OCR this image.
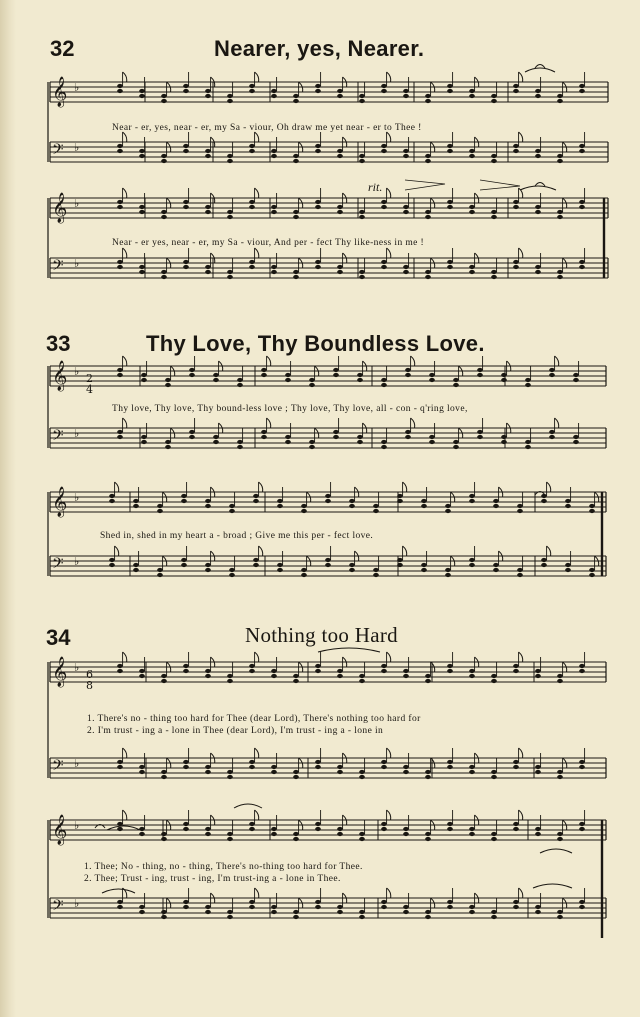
32	Nearer, yes, Nearer.
Near - er, yes, near - er, my Sa - viour, Oh draw me yet near - er to Thee !
rit.
Near - er yes, near - er, my Sa - viour, And per - fect Thy like-ness in me !
33	Thy Love, Thy Boundless Love.
Thy love, Thy love, Thy bound-less love ; Thy love, Thy love, all - con - q'ring love,
Shed in, shed in my heart a - broad ; Give me this per - fect love.
34	Nothing too Hard
1. There's no - thing too hard for Thee (dear Lord), There's nothing too hard for
2. I'm trust - ing a - lone in Thee (dear Lord), I'm trust - ing a - lone in
1. Thee; No - thing, no - thing, There's no-thing too hard for Thee.
2. Thee; Trust - ing, trust - ing, I'm trust-ing a - lone in Thee.
𝄞 ♭
𝄢 ♭
𝄞 ♭
𝄢 ♭
𝄞 ♭
𝄢 ♭
2
4
𝄞 ♭
𝄢 ♭
𝄞 ♭
𝄢 ♭
6
8
𝄞 ♭
𝄢 ♭
